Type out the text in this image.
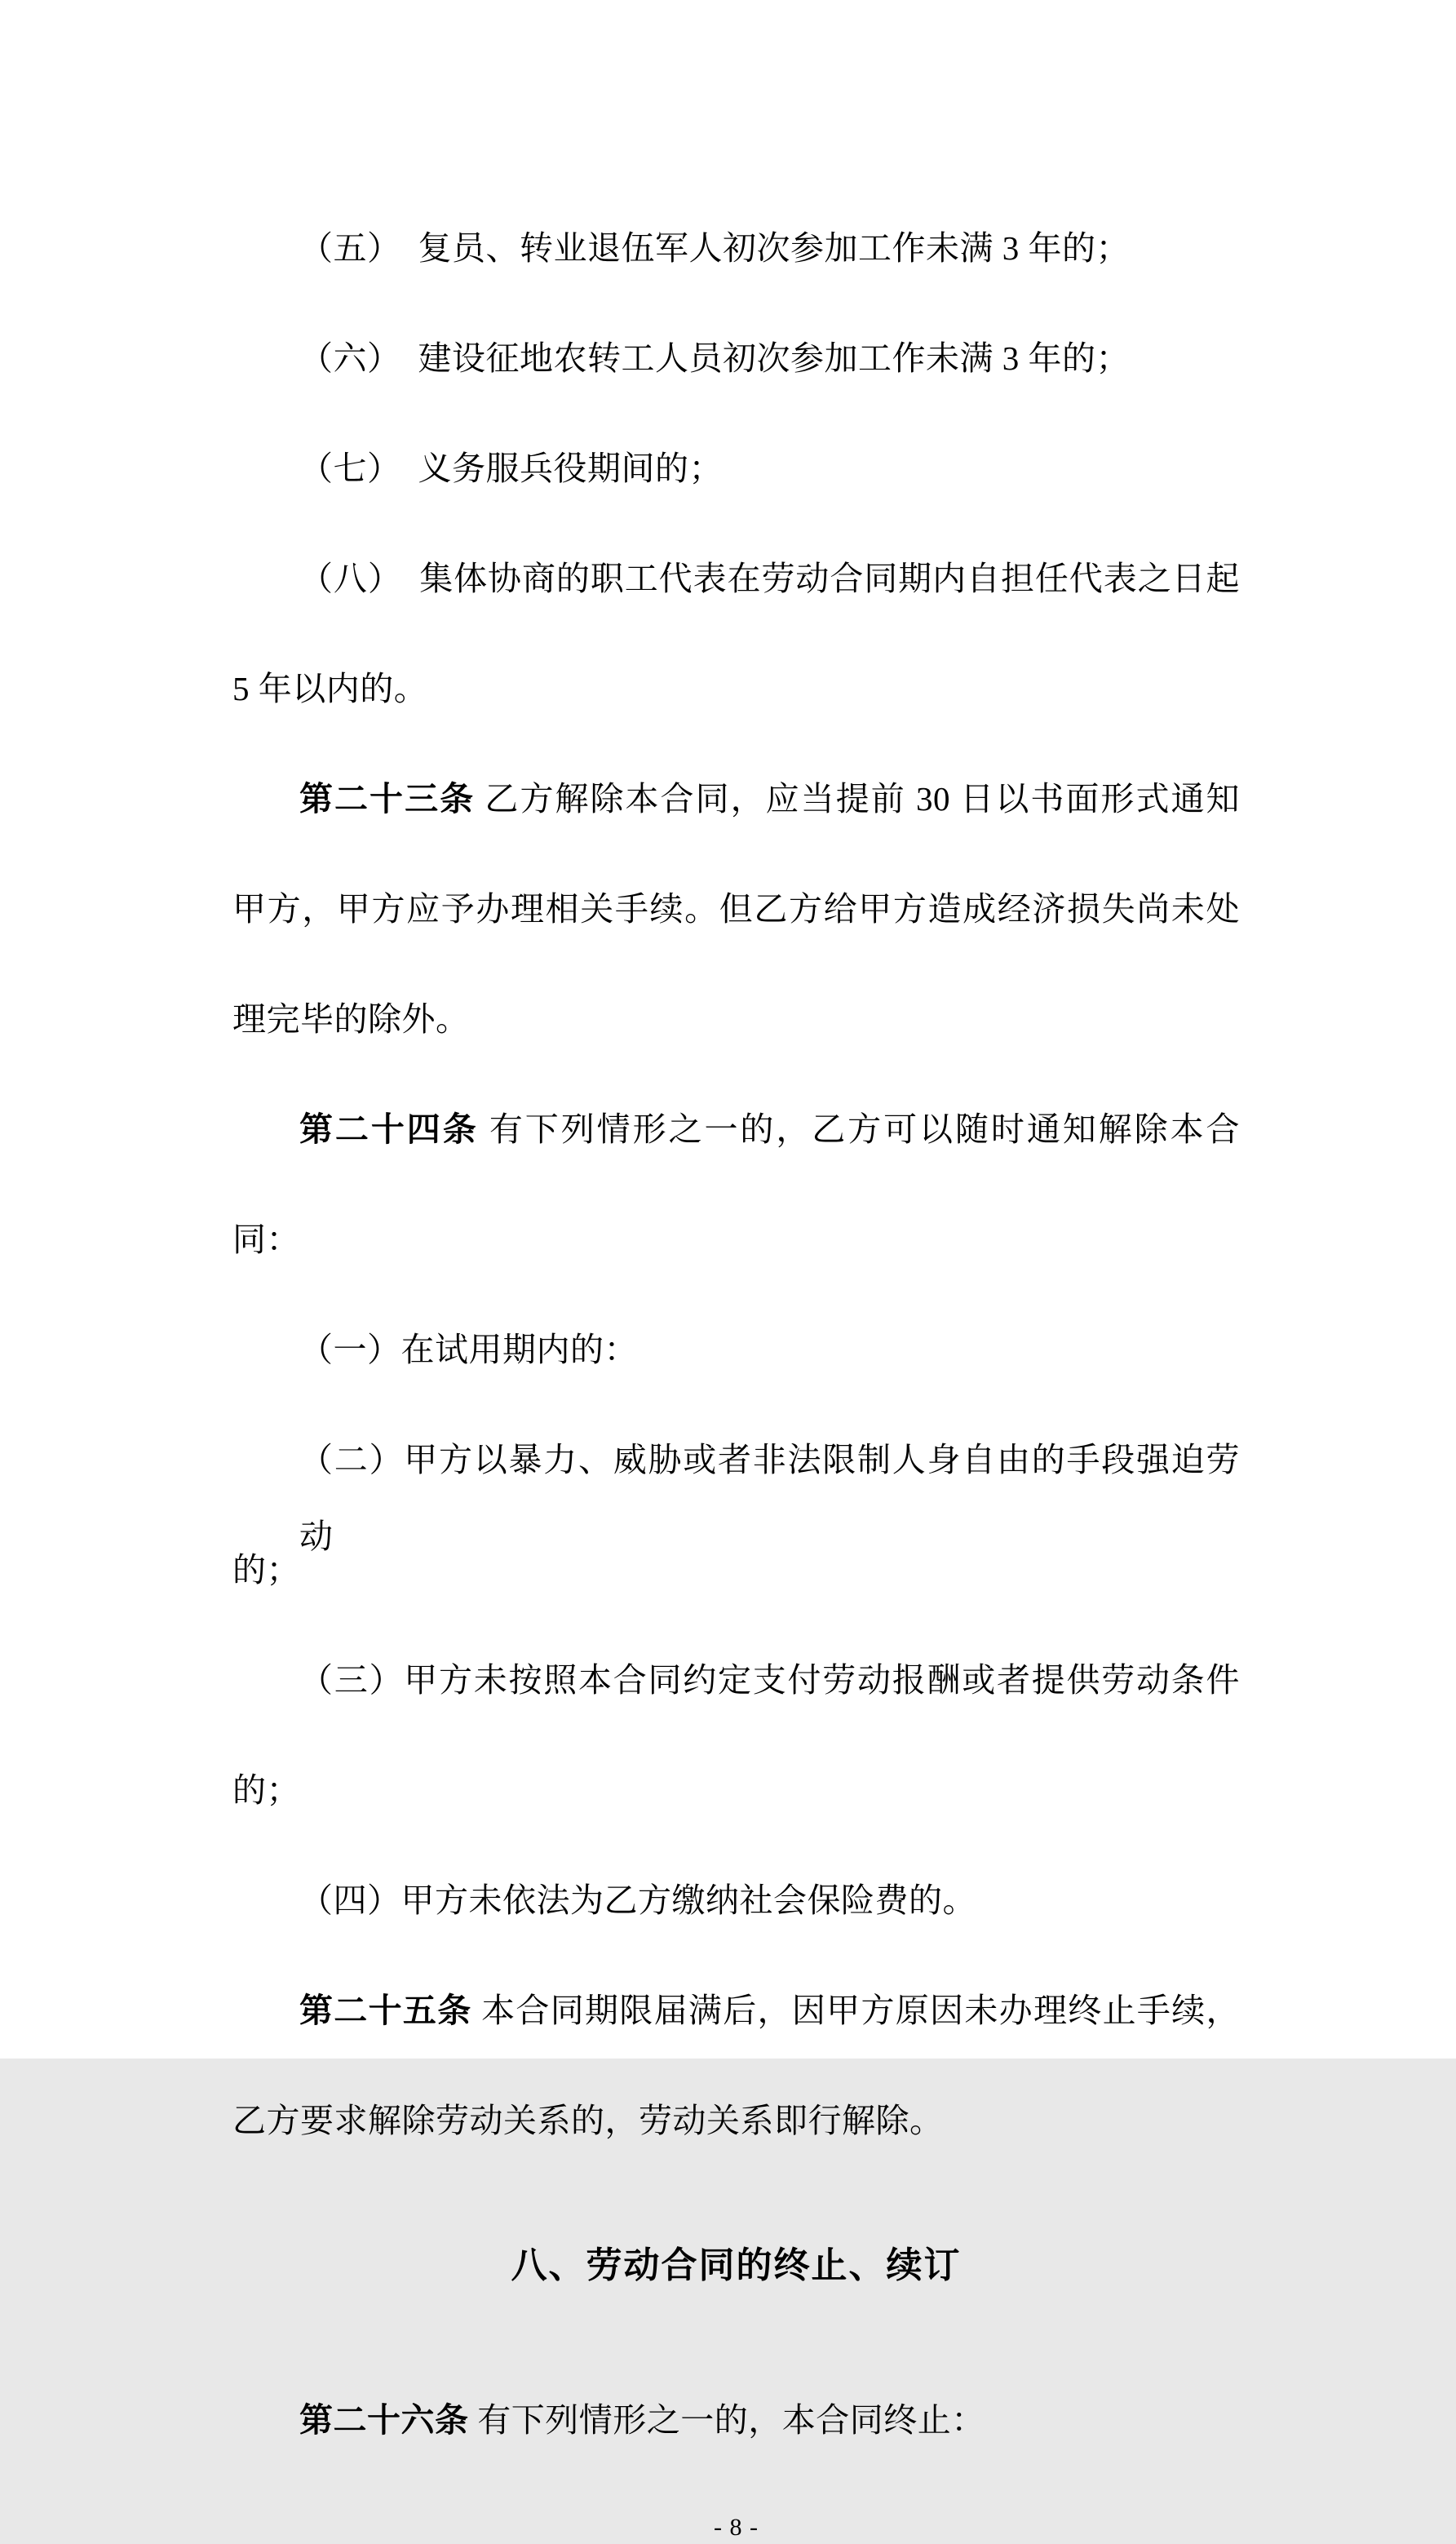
（五）　复员、转业退伍军人初次参加工作未满 3 年的；

（六）　建设征地农转工人员初次参加工作未满 3 年的；

（七）　义务服兵役期间的；

（八）　集体协商的职工代表在劳动合同期内自担任代表之日起

5 年以内的。

第二十三条 乙方解除本合同，应当提前 30 日以书面形式通知

甲方，甲方应予办理相关手续。但乙方给甲方造成经济损失尚未处

理完毕的除外。

第二十四条 有下列情形之一的，乙方可以随时通知解除本合

同：

（一）在试用期内的：

（二）甲方以暴力、威胁或者非法限制人身自由的手段强迫劳动

的；

（三）甲方未按照本合同约定支付劳动报酬或者提供劳动条件

的；

（四）甲方未依法为乙方缴纳社会保险费的。

第二十五条 本合同期限届满后，因甲方原因未办理终止手续，

乙方要求解除劳动关系的，劳动关系即行解除。

八、劳动合同的终止、续订

第二十六条 有下列情形之一的，本合同终止：

- 8 -
